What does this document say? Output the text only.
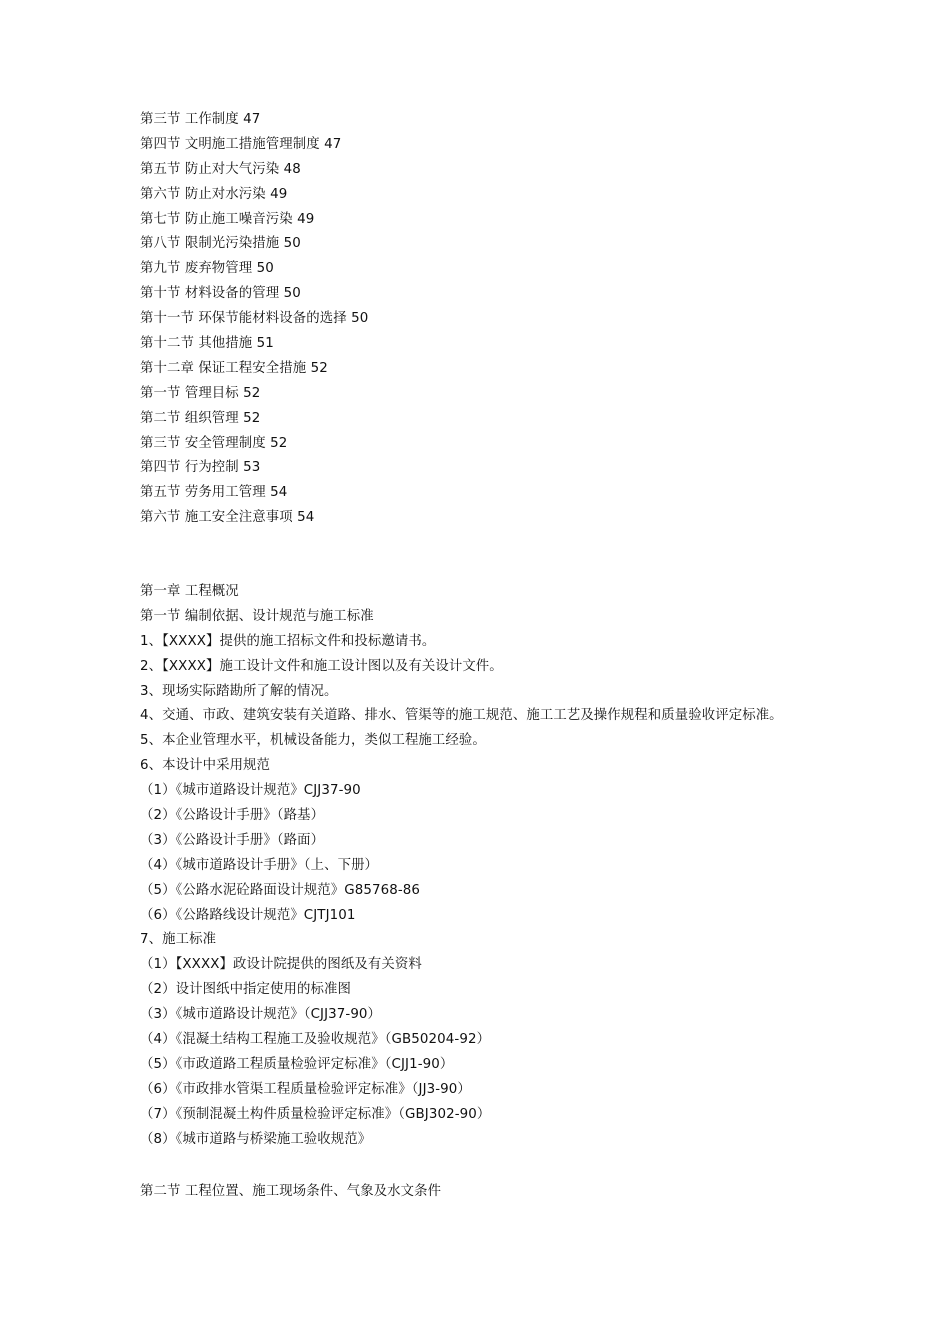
第三节 工作制度 47
第四节 文明施工措施管理制度 47
第五节 防止对大气污染 48
第六节 防止对水污染 49
第七节 防止施工噪音污染 49
第八节 限制光污染措施 50
第九节 废弃物管理 50
第十节 材料设备的管理 50
第十一节 环保节能材料设备的选择 50
第十二节 其他措施 51
第十二章 保证工程安全措施 52
第一节 管理目标 52
第二节 组织管理 52
第三节 安全管理制度 52
第四节 行为控制 53
第五节 劳务用工管理 54
第六节 施工安全注意事项 54
第一章 工程概况
第一节 编制依据、设计规范与施工标准
1、【XXXX】提供的施工招标文件和投标邀请书。
2、【XXXX】施工设计文件和施工设计图以及有关设计文件。
3、现场实际踏勘所了解的情况。
4、交通、市政、建筑安装有关道路、排水、管渠等的施工规范、施工工艺及操作规程和质量验收评定标准。
5、本企业管理水平，机械设备能力，类似工程施工经验。
6、本设计中采用规范
（1）《城市道路设计规范》CJJ37-90
（2）《公路设计手册》（路基）
（3）《公路设计手册》（路面）
（4）《城市道路设计手册》（上、下册）
（5）《公路水泥砼路面设计规范》G85768-86
（6）《公路路线设计规范》CJTJ101
7、施工标准
（1）【XXXX】政设计院提供的图纸及有关资料
（2）设计图纸中指定使用的标准图
（3）《城市道路设计规范》（CJJ37-90）
（4）《混凝土结构工程施工及验收规范》（GB50204-92）
（5）《市政道路工程质量检验评定标准》（CJJ1-90）
（6）《市政排水管渠工程质量检验评定标准》（JJ3-90）
（7）《预制混凝土构件质量检验评定标准》（GBJ302-90）
（8）《城市道路与桥梁施工验收规范》
第二节 工程位置、施工现场条件、气象及水文条件
